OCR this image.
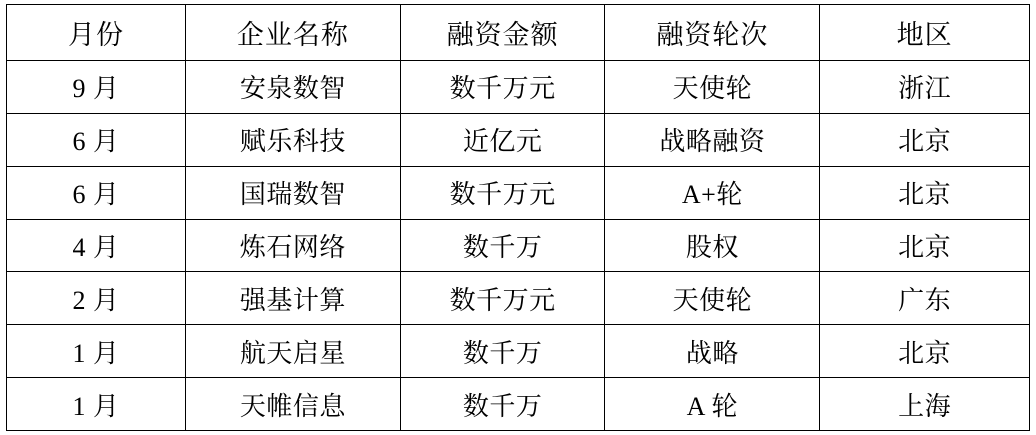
月份	企业名称	融资金额	融资轮次	地区
9 月	安泉数智	数千万元	天使轮	浙江
6 月	赋乐科技	近亿元	战略融资	北京
6 月	国瑞数智	数千万元	A+轮	北京
4 月	炼石网络	数千万	股权	北京
2 月	强基计算	数千万元	天使轮	广东
1 月	航天启星	数千万	战略	北京
1 月	天帷信息	数千万	A 轮	上海
